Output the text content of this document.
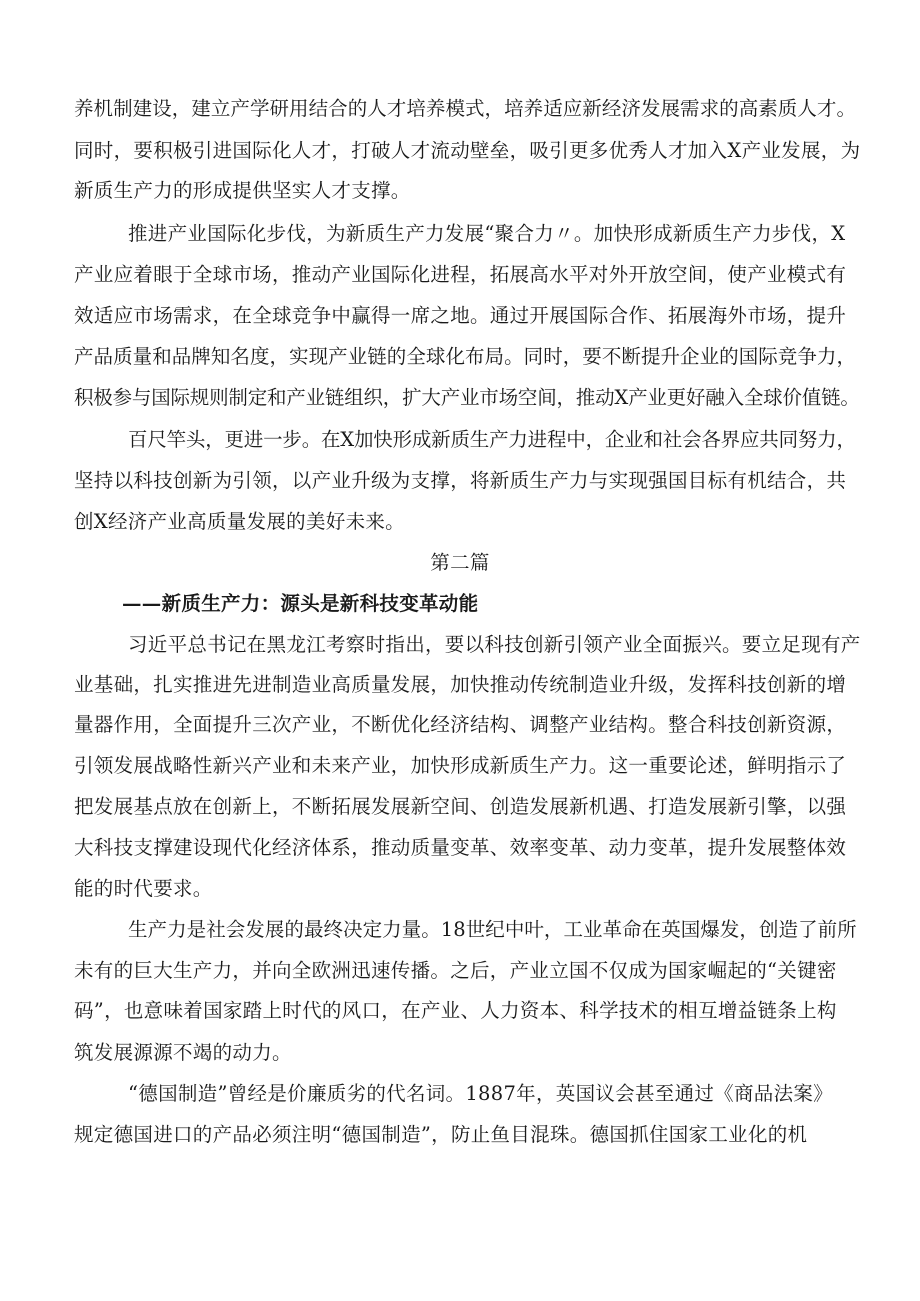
养机制建设，建立产学研用结合的人才培养模式，培养适应新经济发展需求的高素质人才。
同时，要积极引进国际化人才，打破人才流动壁垒，吸引更多优秀人才加入X产业发展，为
新质生产力的形成提供坚实人才支撑。
推进产业国际化步伐，为新质生产力发展“聚合力〃。加快形成新质生产力步伐，X
产业应着眼于全球市场，推动产业国际化进程，拓展高水平对外开放空间，使产业模式有
效适应市场需求，在全球竞争中赢得一席之地。通过开展国际合作、拓展海外市场，提升
产品质量和品牌知名度，实现产业链的全球化布局。同时，要不断提升企业的国际竞争力，
积极参与国际规则制定和产业链组织，扩大产业市场空间，推动X产业更好融入全球价值链。
百尺竿头，更进一步。在X加快形成新质生产力进程中，企业和社会各界应共同努力，
坚持以科技创新为引领，以产业升级为支撑，将新质生产力与实现强国目标有机结合，共
创X经济产业高质量发展的美好未来。
第二篇
——新质生产力：源头是新科技变革动能
习近平总书记在黑龙江考察时指出，要以科技创新引领产业全面振兴。要立足现有产
业基础，扎实推进先进制造业高质量发展，加快推动传统制造业升级，发挥科技创新的增
量器作用，全面提升三次产业，不断优化经济结构、调整产业结构。整合科技创新资源，
引领发展战略性新兴产业和未来产业，加快形成新质生产力。这一重要论述，鲜明指示了
把发展基点放在创新上，不断拓展发展新空间、创造发展新机遇、打造发展新引擎，以强
大科技支撑建设现代化经济体系，推动质量变革、效率变革、动力变革，提升发展整体效
能的时代要求。
生产力是社会发展的最终决定力量。18世纪中叶，工业革命在英国爆发，创造了前所
未有的巨大生产力，并向全欧洲迅速传播。之后，产业立国不仅成为国家崛起的“关键密
码”，也意味着国家踏上时代的风口，在产业、人力资本、科学技术的相互增益链条上构
筑发展源源不竭的动力。
“德国制造”曾经是价廉质劣的代名词。1887年，英国议会甚至通过《商品法案》
规定德国进口的产品必须注明“德国制造”，防止鱼目混珠。德国抓住国家工业化的机
